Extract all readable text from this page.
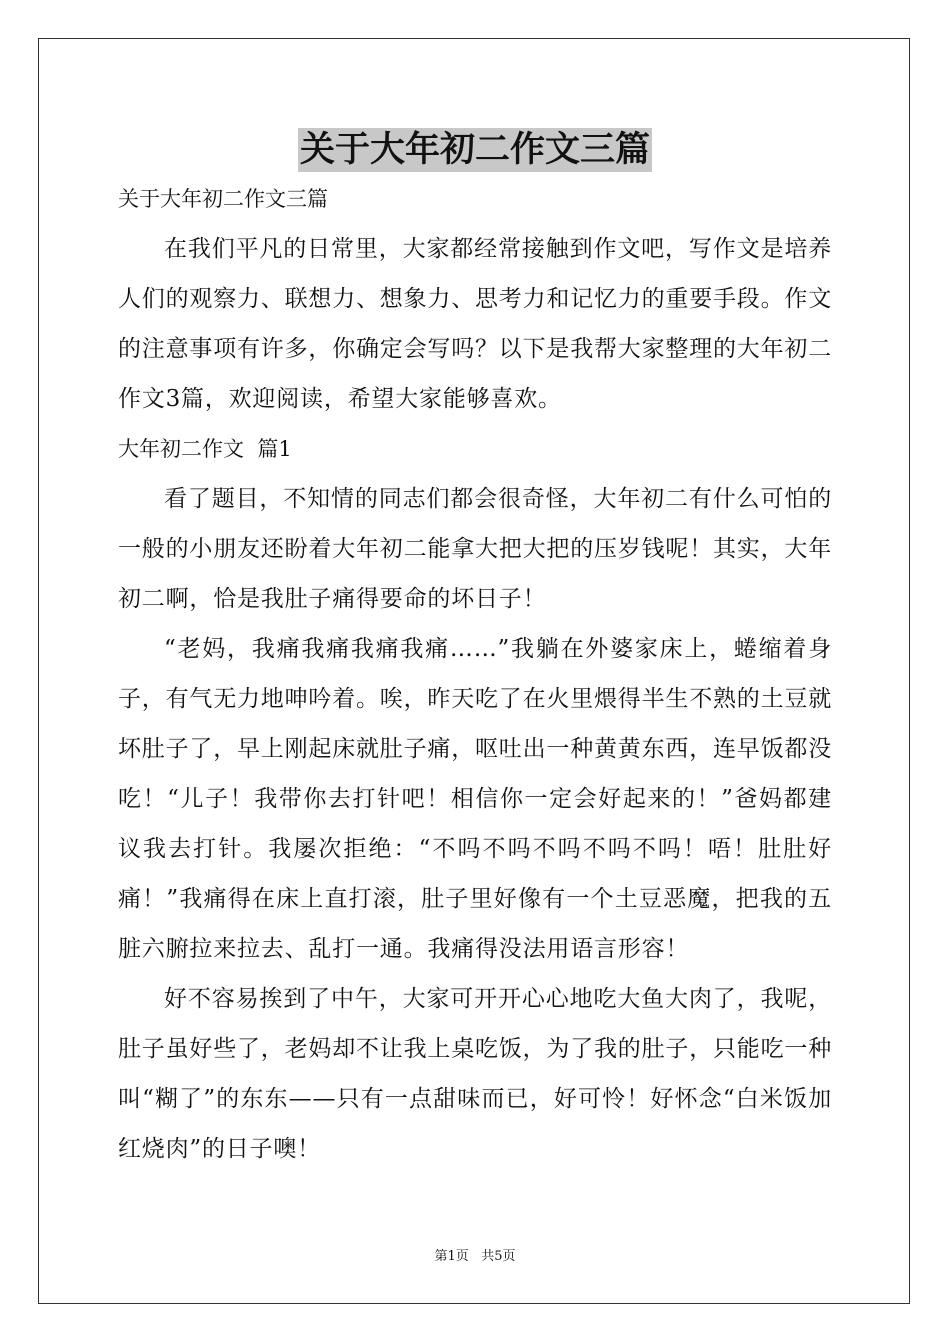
关于大年初二作文三篇
关于大年初二作文三篇

在我们平凡的日常里，大家都经常接触到作文吧，写作文是培养人们的观察力、联想力、想象力、思考力和记忆力的重要手段。作文的注意事项有许多，你确定会写吗？以下是我帮大家整理的大年初二作文3篇，欢迎阅读，希望大家能够喜欢。

大年初二作文  篇1

看了题目，不知情的同志们都会很奇怪，大年初二有什么可怕的一般的小朋友还盼着大年初二能拿大把大把的压岁钱呢！其实，大年初二啊，恰是我肚子痛得要命的坏日子！

“老妈，我痛我痛我痛我痛……”我躺在外婆家床上，蜷缩着身子，有气无力地呻吟着。唉，昨天吃了在火里煨得半生不熟的土豆就坏肚子了，早上刚起床就肚子痛，呕吐出一种黄黄东西，连早饭都没吃！“儿子！我带你去打针吧！相信你一定会好起来的！”爸妈都建议我去打针。我屡次拒绝：“不吗不吗不吗不吗不吗！唔！肚肚好痛！”我痛得在床上直打滚，肚子里好像有一个土豆恶魔，把我的五脏六腑拉来拉去、乱打一通。我痛得没法用语言形容！

好不容易挨到了中午，大家可开开心心地吃大鱼大肉了，我呢，肚子虽好些了，老妈却不让我上桌吃饭，为了我的肚子，只能吃一种叫“糊了”的东东——只有一点甜味而已，好可怜！好怀念“白米饭加红烧肉”的日子噢！

第1页 共5页
